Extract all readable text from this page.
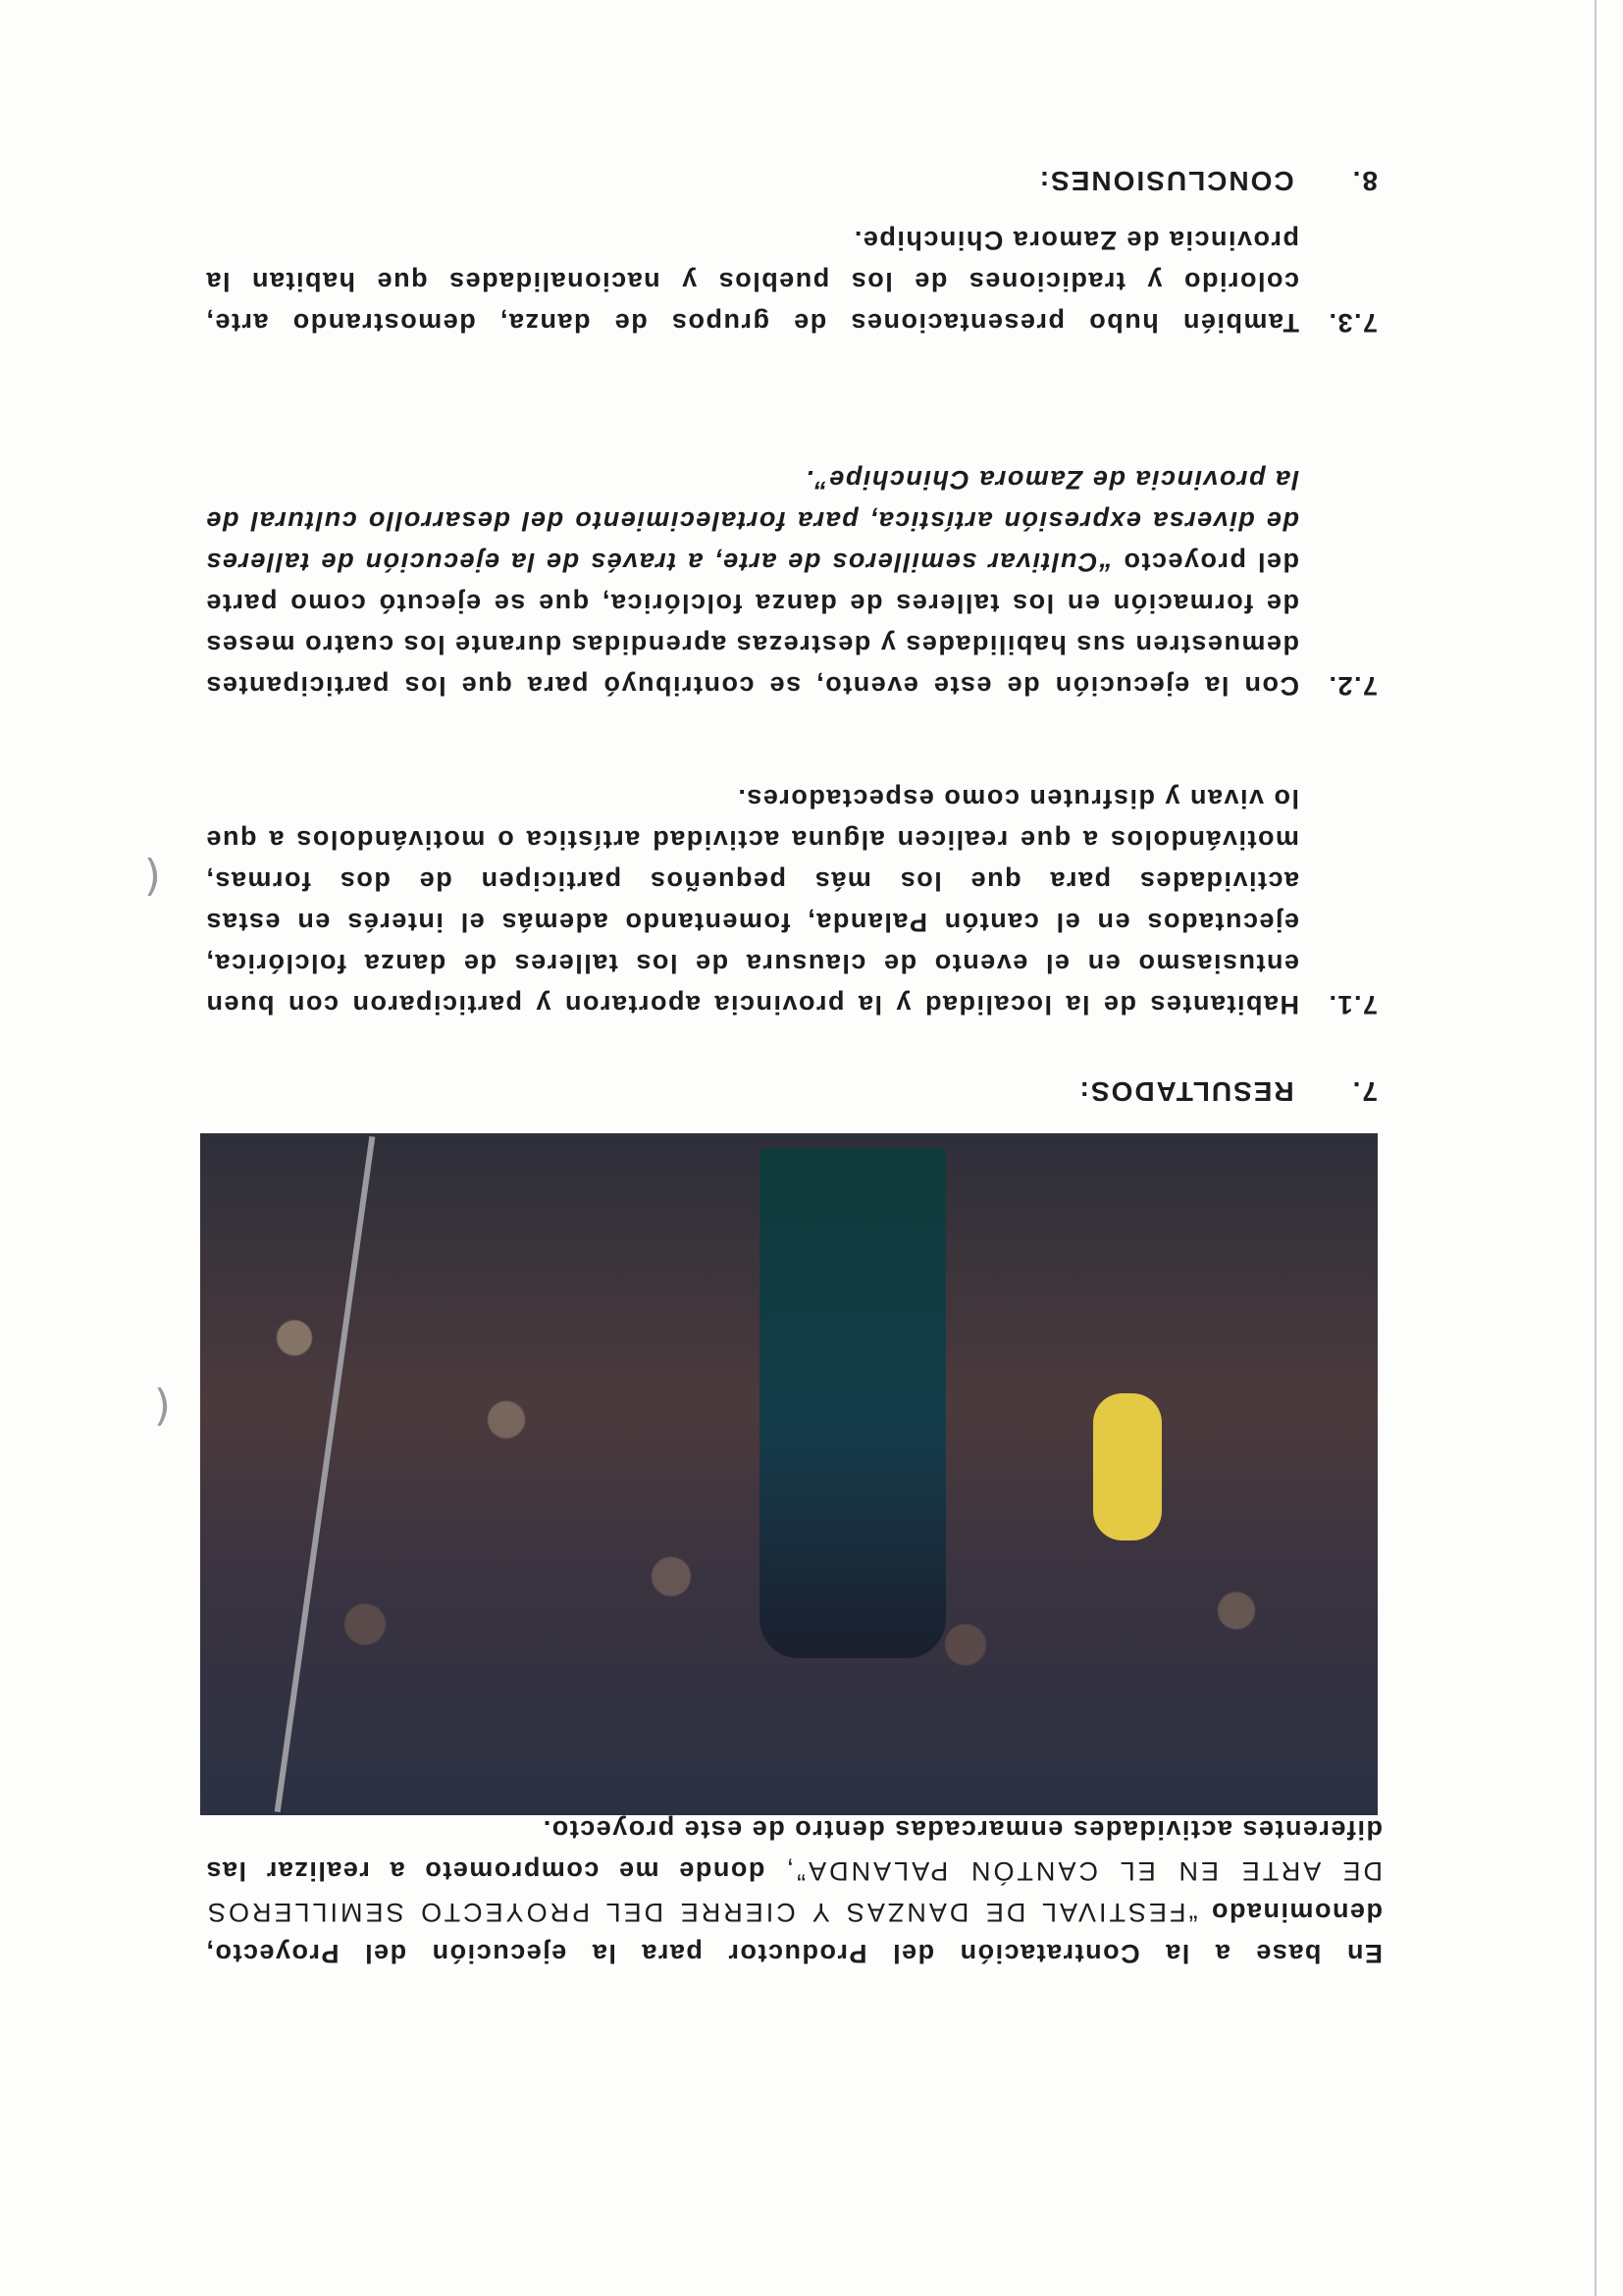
En base a la Contratación del Productor para la ejecución del Proyecto, denominado “FESTIVAL DE DANZAS Y CIERRE DEL PROYECTO SEMILLEROS DE ARTE EN EL CANTÓN PALANDA”, donde me comprometo a realizar las diferentes actividades enmarcadas dentro de este proyecto.
7.
RESULTADOS:
7.1.
Habitantes de la localidad y la provincia aportaron y participaron con buen entusiasmo en el evento de clausura de los talleres de danza folclórica, ejecutados en el cantón Palanda, fomentando además el interés en estas actividades para que los más pequeños participen de dos formas, motivándolos a que realicen alguna actividad artística o motivándolos a que lo vivan y disfruten como espectadores.
7.2.
Con la ejecución de este evento, se contribuyó para que los participantes demuestren sus habilidades y destrezas aprendidas durante los cuatro meses de formación en los talleres de danza folclórica, que se ejecutó como parte del proyecto “Cultivar semilleros de arte, a través de la ejecución de talleres de diversa expresión artística, para fortalecimiento del desarrollo cultural de la provincia de Zamora Chinchipe”.
7.3.
También hubo presentaciones de grupos de danza, demostrando arte, colorido y tradiciones de los pueblos y nacionalidades que habitan la provincia de Zamora Chinchipe.
8.
CONCLUSIONES:
(
(
